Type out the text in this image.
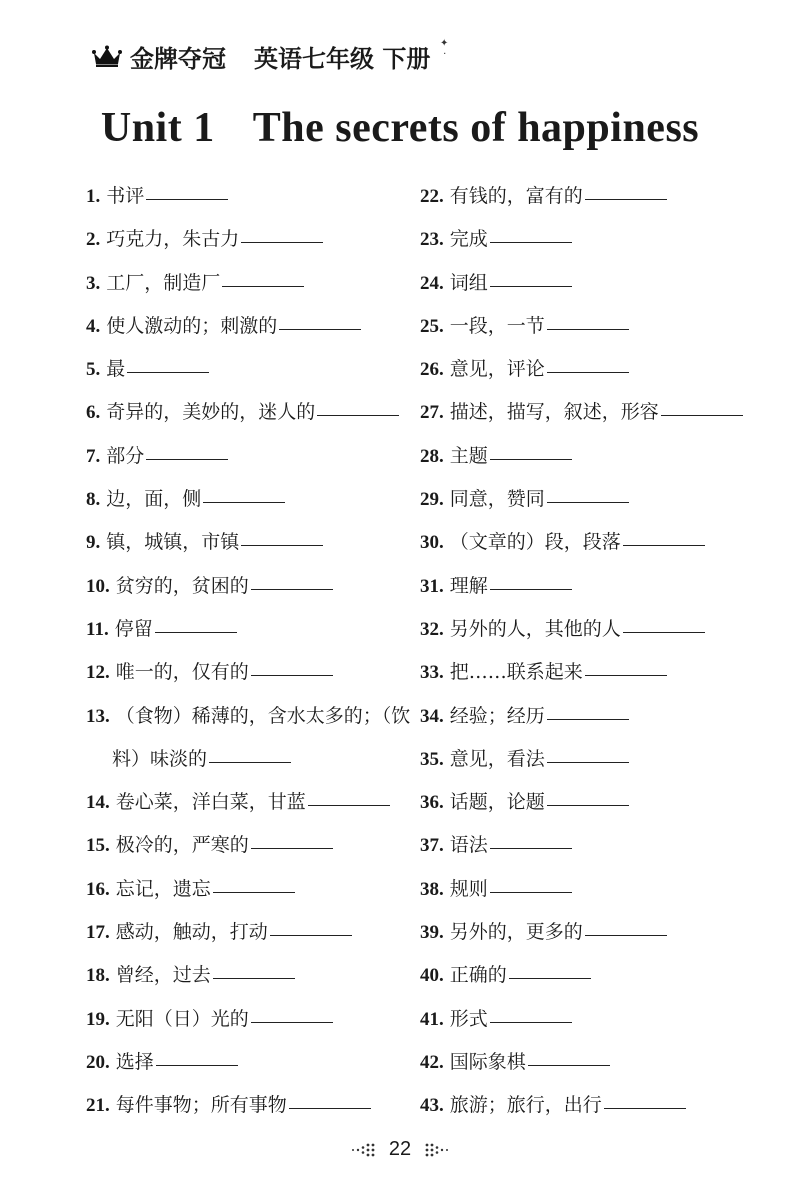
金牌夺冠 英语七年级 下册
✦
·
Unit 1 The secrets of happiness
1. 书评
2. 巧克力，朱古力
3. 工厂，制造厂
4. 使人激动的；刺激的
5. 最
6. 奇异的，美妙的，迷人的
7. 部分
8. 边，面，侧
9. 镇，城镇，市镇
10. 贫穷的，贫困的
11. 停留
12. 唯一的，仅有的
13. （食物）稀薄的，含水太多的；（饮
料）味淡的
14. 卷心菜，洋白菜，甘蓝
15. 极冷的，严寒的
16. 忘记，遗忘
17. 感动，触动，打动
18. 曾经，过去
19. 无阳（日）光的
20. 选择
21. 每件事物；所有事物
22. 有钱的，富有的
23. 完成
24. 词组
25. 一段，一节
26. 意见，评论
27. 描述，描写，叙述，形容
28. 主题
29. 同意，赞同
30. （文章的）段，段落
31. 理解
32. 另外的人，其他的人
33. 把……联系起来
34. 经验；经历
35. 意见，看法
36. 话题，论题
37. 语法
38. 规则
39. 另外的，更多的
40. 正确的
41. 形式
42. 国际象棋
43. 旅游；旅行，出行
22
